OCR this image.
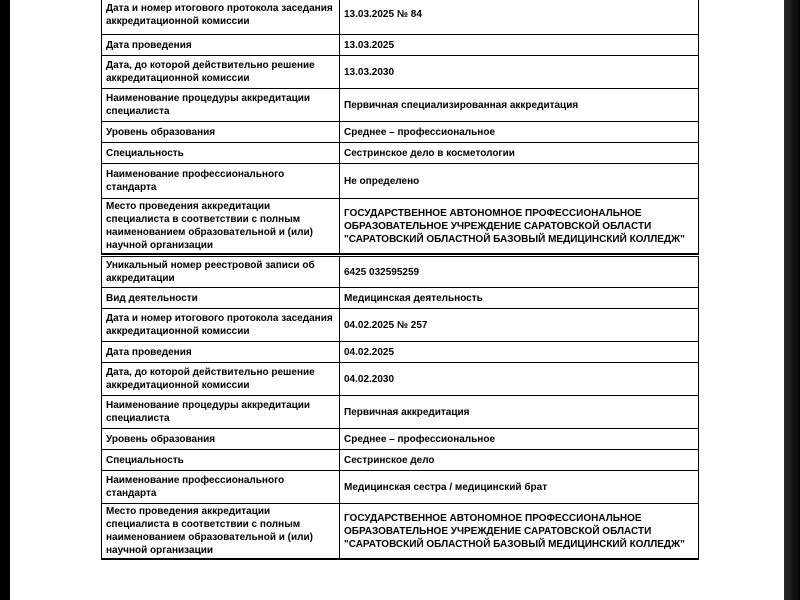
Дата и номер итогового протокола заседания аккредитационной комиссии	13.03.2025 № 84
Дата проведения	13.03.2025
Дата, до которой действительно решение аккредитационной комиссии	13.03.2030
Наименование процедуры аккредитации специалиста	Первичная специализированная аккредитация
Уровень образования	Среднее – профессиональное
Специальность	Сестринское дело в косметологии
Наименование профессионального стандарта	Не определено
Место проведения аккредитации специалиста в соответствии с полным наименованием образовательной и (или) научной организации	ГОСУДАРСТВЕННОЕ АВТОНОМНОЕ ПРОФЕССИОНАЛЬНОЕ ОБРАЗОВАТЕЛЬНОЕ УЧРЕЖДЕНИЕ САРАТОВСКОЙ ОБЛАСТИ "САРАТОВСКИЙ ОБЛАСТНОЙ БАЗОВЫЙ МЕДИЦИНСКИЙ КОЛЛЕДЖ"
Уникальный номер реестровой записи об аккредитации	6425 032595259
Вид деятельности	Медицинская деятельность
Дата и номер итогового протокола заседания аккредитационной комиссии	04.02.2025 № 257
Дата проведения	04.02.2025
Дата, до которой действительно решение аккредитационной комиссии	04.02.2030
Наименование процедуры аккредитации специалиста	Первичная аккредитация
Уровень образования	Среднее – профессиональное
Специальность	Сестринское дело
Наименование профессионального стандарта	Медицинская сестра / медицинский брат
Место проведения аккредитации специалиста в соответствии с полным наименованием образовательной и (или) научной организации	ГОСУДАРСТВЕННОЕ АВТОНОМНОЕ ПРОФЕССИОНАЛЬНОЕ ОБРАЗОВАТЕЛЬНОЕ УЧРЕЖДЕНИЕ САРАТОВСКОЙ ОБЛАСТИ "САРАТОВСКИЙ ОБЛАСТНОЙ БАЗОВЫЙ МЕДИЦИНСКИЙ КОЛЛЕДЖ"
